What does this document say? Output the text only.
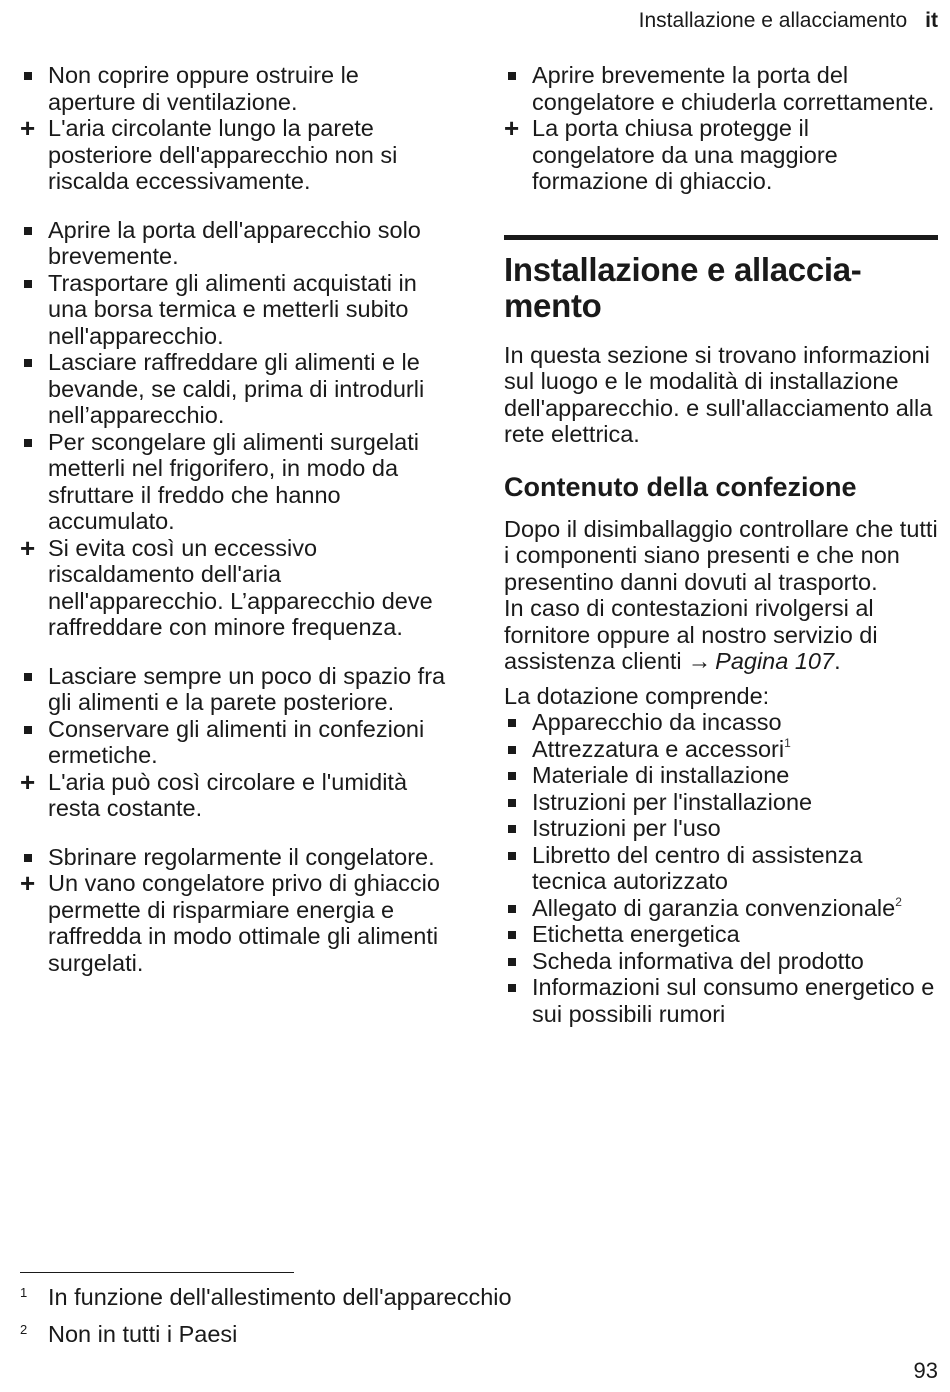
Installazione e allacciamento it
Non coprire oppure ostruire le aperture di ventilazione.
+ L'aria circolante lungo la parete posteriore dell'apparecchio non si riscalda eccessivamente.
Aprire la porta dell'apparecchio solo brevemente.
Trasportare gli alimenti acquistati in una borsa termica e metterli subito nell'apparecchio.
Lasciare raffreddare gli alimenti e le bevande, se caldi, prima di introdurli nell’apparecchio.
Per scongelare gli alimenti surgelati metterli nel frigorifero, in modo da sfruttare il freddo che hanno accumulato.
+ Si evita così un eccessivo riscaldamento dell'aria nell'apparecchio. L’apparecchio deve raffreddare con minore frequenza.
Lasciare sempre un poco di spazio fra gli alimenti e la parete posteriore.
Conservare gli alimenti in confezioni ermetiche.
+ L'aria può così circolare e l'umidità resta costante.
Sbrinare regolarmente il congelatore.
+ Un vano congelatore privo di ghiaccio permette di risparmiare energia e raffredda in modo ottimale gli alimenti surgelati.
Aprire brevemente la porta del congelatore e chiuderla correttamente.
+ La porta chiusa protegge il congelatore da una maggiore formazione di ghiaccio.
Installazione e allaccia-mento

In questa sezione si trovano informazioni sul luogo e le modalità di installazione dell'apparecchio. e sull'allacciamento alla rete elettrica.

Contenuto della confezione

Dopo il disimballaggio controllare che tutti i componenti siano presenti e che non presentino danni dovuti al trasporto.

In caso di contestazioni rivolgersi al fornitore oppure al nostro servizio di assistenza clienti → Pagina 107.

La dotazione comprende:

Apparecchio da incasso
Attrezzatura e accessori$^1$
Materiale di installazione
Istruzioni per l'installazione
Istruzioni per l'uso
Libretto del centro di assistenza tecnica autorizzato
Allegato di garanzia convenzionale$^2$
Etichetta energetica
Scheda informativa del prodotto
Informazioni sul consumo energetico e sui possibili rumori
1 In funzione dell'allestimento dell'apparecchio
2 Non in tutti i Paesi
93
